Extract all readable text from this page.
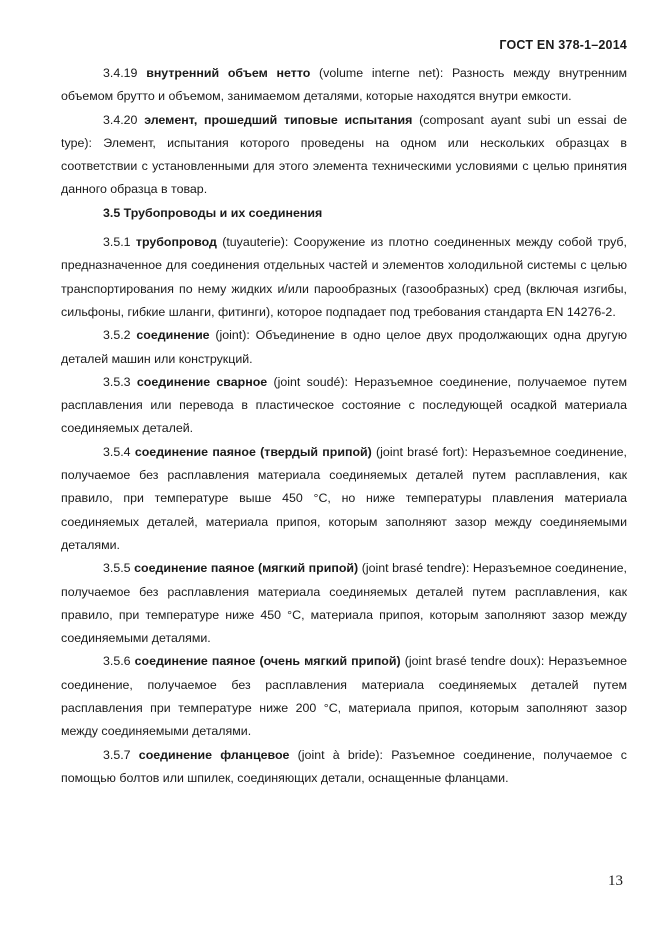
ГОСТ EN 378-1–2014

3.4.19 внутренний объем нетто (volume interne net): Разность между внутренним объемом брутто и объемом, занимаемом деталями, которые находятся внутри емкости.

3.4.20 элемент, прошедший типовые испытания (composant ayant subi un essai de type): Элемент, испытания которого проведены на одном или нескольких образцах в соответствии с установленными для этого элемента техническими условиями с целью принятия данного образца в товар.

3.5 Трубопроводы и их соединения

3.5.1 трубопровод (tuyauterie): Сооружение из плотно соединенных между собой труб, предназначенное для соединения отдельных частей и элементов холодильной системы с целью транспортирования по нему жидких и/или парообразных (газообразных) сред (включая изгибы, сильфоны, гибкие шланги, фитинги), которое подпадает под требования стандарта EN 14276-2.

3.5.2 соединение (joint): Объединение в одно целое двух продолжающих одна другую деталей машин или конструкций.

3.5.3 соединение сварное (joint soudé): Неразъемное соединение, получаемое путем расплавления или перевода в пластическое состояние с последующей осадкой материала соединяемых деталей.

3.5.4 соединение паяное (твердый припой) (joint brasé fort): Неразъемное соединение, получаемое без расплавления материала соединяемых деталей путем расплавления, как правило, при температуре выше 450 °C, но ниже температуры плавления материала соединяемых деталей, материала припоя, которым заполняют зазор между соединяемыми деталями.

3.5.5 соединение паяное (мягкий припой) (joint brasé tendre): Неразъемное соединение, получаемое без расплавления материала соединяемых деталей путем расплавления, как правило, при температуре ниже 450 °C, материала припоя, которым заполняют зазор между соединяемыми деталями.

3.5.6 соединение паяное (очень мягкий припой) (joint brasé tendre doux): Неразъемное соединение, получаемое без расплавления материала соединяемых деталей путем расплавления при температуре ниже 200 °C, материала припоя, которым заполняют зазор между соединяемыми деталями.

3.5.7 соединение фланцевое (joint à bride): Разъемное соединение, получаемое с помощью болтов или шпилек, соединяющих детали, оснащенные фланцами.

13
